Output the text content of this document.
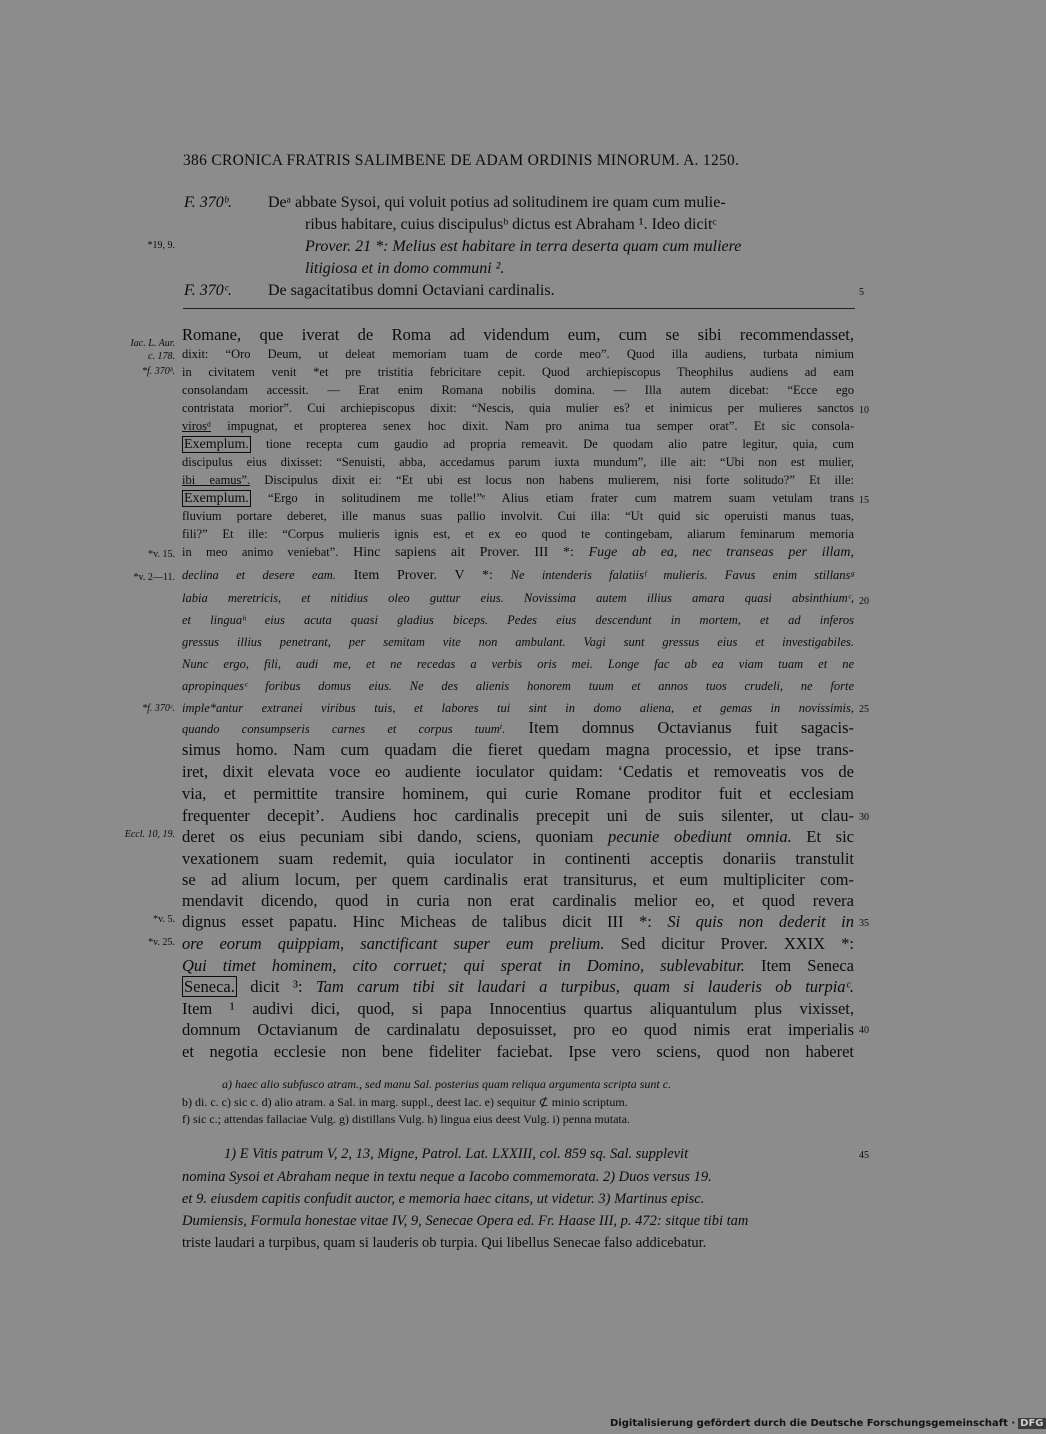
386 CRONICA FRATRIS SALIMBENE DE ADAM ORDINIS MINORUM. A. 1250.
F. 370ᵇ. Deᵃ abbate Sysoi, qui voluit potius ad solitudinem ire quam cum mulie-
ribus habitare, cuius discipulusᵇ dictus est Abraham ¹. Ideo dicitᶜ
Prover. 21 *: Melius est habitare in terra deserta quam cum muliere
litigiosa et in domo communi ².
F. 370ᶜ. De sagacitatibus domni Octaviani cardinalis.
*19, 9.
Iac. L. Aur.
c. 178.
*f. 370ᵇ.
*v. 15.
*v. 2—11.
*f. 370ᶜ.
Eccl. 10, 19.
*v. 5.
*v. 25.
5
10
15
20
25
30
35
40
45
Romane, que iverat de Roma ad videndum eum, cum se sibi recommendasset,
dixit: “Oro Deum, ut deleat memoriam tuam de corde meo”. Quod illa audiens, turbata nimium
in civitatem venit *et pre tristitia febricitare cepit. Quod archiepiscopus Theophilus audiens ad eam
consolandam accessit. — Erat enim Romana nobilis domina. — Illa autem dicebat: “Ecce ego
contristata morior”. Cui archiepiscopus dixit: “Nescis, quia mulier es? et inimicus per mulieres sanctos
virosᵈ impugnat, et propterea senex hoc dixit. Nam pro anima tua semper orat”. Et sic consola-
Exemplum. tione recepta cum gaudio ad propria remeavit. De quodam alio patre legitur, quia, cum
discipulus eius dixisset: “Senuisti, abba, accedamus parum iuxta mundum”, ille ait: “Ubi non est mulier,
ibi eamus”. Discipulus dixit ei: “Et ubi est locus non habens mulierem, nisi forte solitudo?” Et ille:
Exemplum. “Ergo in solitudinem me tolle!”ᵉ Alius etiam frater cum matrem suam vetulam trans
fluvium portare deberet, ille manus suas pallio involvit. Cui illa: “Ut quid sic operuisti manus tuas,
fili?” Et ille: “Corpus mulieris ignis est, et ex eo quod te contingebam, aliarum feminarum memoria
in meo animo veniebat”. Hinc sapiens ait Prover. III *: Fuge ab ea, nec transeas per illam,
declina et desere eam. Item Prover. V *: Ne intenderis falatiisᶠ mulieris. Favus enim stillansᵍ
labia meretricis, et nitidius oleo guttur eius. Novissima autem illius amara quasi absinthiumᶜ,
et linguaʰ eius acuta quasi gladius biceps. Pedes eius descendunt in mortem, et ad inferos
gressus illius penetrant, per semitam vite non ambulant. Vagi sunt gressus eius et investigabiles.
Nunc ergo, fili, audi me, et ne recedas a verbis oris mei. Longe fac ab ea viam tuam et ne
apropinquesᶜ foribus domus eius. Ne des alienis honorem tuum et annos tuos crudeli, ne forte
imple*antur extranei viribus tuis, et labores tui sint in domo aliena, et gemas in novissimis,
quando consumpseris carnes et corpus tuumⁱ. Item domnus Octavianus fuit sagacis-
simus homo. Nam cum quadam die fieret quedam magna processio, et ipse trans-
iret, dixit elevata voce eo audiente ioculator quidam: ‘Cedatis et removeatis vos de
via, et permittite transire hominem, qui curie Romane proditor fuit et ecclesiam
frequenter decepit’. Audiens hoc cardinalis precepit uni de suis silenter, ut clau-
deret os eius pecuniam sibi dando, sciens, quoniam pecunie obediunt omnia. Et sic
vexationem suam redemit, quia ioculator in continenti acceptis donariis transtulit
se ad alium locum, per quem cardinalis erat transiturus, et eum multipliciter com-
mendavit dicendo, quod in curia non erat cardinalis melior eo, et quod revera
dignus esset papatu. Hinc Micheas de talibus dicit III *: Si quis non dederit in
ore eorum quippiam, sanctificant super eum prelium. Sed dicitur Prover. XXIX *:
Qui timet hominem, cito corruet; qui sperat in Domino, sublevabitur. Item Seneca
Seneca. dicit ³: Tam carum tibi sit laudari a turpibus, quam si lauderis ob turpiaᶜ.
Item ¹ audivi dici, quod, si papa Innocentius quartus aliquantulum plus vixisset,
domnum Octavianum de cardinalatu deposuisset, pro eo quod nimis erat imperialis
et negotia ecclesie non bene fideliter faciebat. Ipse vero sciens, quod non haberet
a) haec alio subfusco atram., sed manu Sal. posterius quam reliqua argumenta scripta sunt c.
b) di. c. c) sic c. d) alio atram. a Sal. in marg. suppl., deest Iac. e) sequitur ⊄ minio scriptum.
f) sic c.; attendas fallaciae Vulg. g) distillans Vulg. h) lingua eius deest Vulg. i) penna mutata.
1) E Vitis patrum V, 2, 13, Migne, Patrol. Lat. LXXIII, col. 859 sq. Sal. supplevit
nomina Sysoi et Abraham neque in textu neque a Iacobo commemorata. 2) Duos versus 19.
et 9. eiusdem capitis confudit auctor, e memoria haec citans, ut videtur. 3) Martinus episc.
Dumiensis, Formula honestae vitae IV, 9, Senecae Opera ed. Fr. Haase III, p. 472: sitque tibi tam
triste laudari a turpibus, quam si lauderis ob turpia. Qui libellus Senecae falso addicebatur.
Digitalisierung gefördert durch die Deutsche Forschungsgemeinschaft · DFG
